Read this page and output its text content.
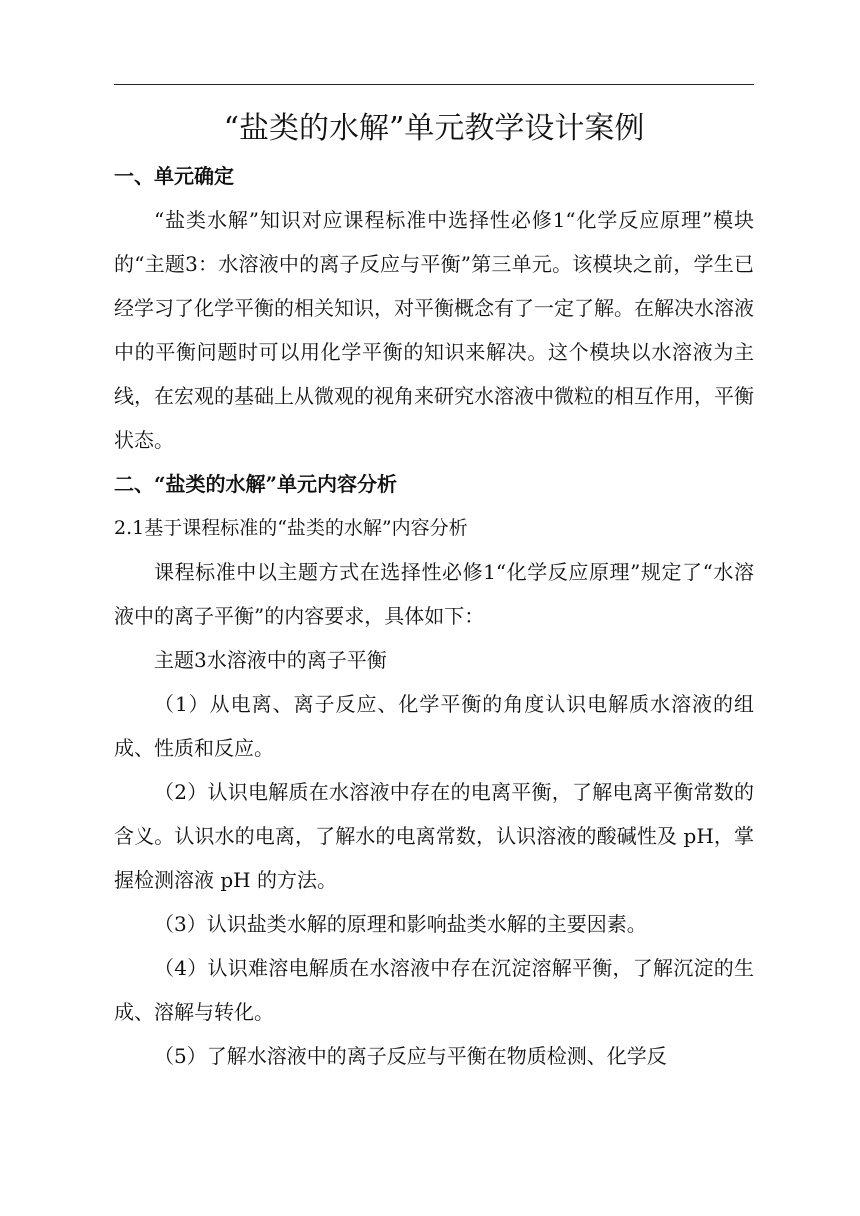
“盐类的水解”单元教学设计案例
一、单元确定

“盐类水解”知识对应课程标准中选择性必修1“化学反应原理”模块的“主题3：水溶液中的离子反应与平衡”第三单元。该模块之前，学生已经学习了化学平衡的相关知识，对平衡概念有了一定了解。在解决水溶液中的平衡问题时可以用化学平衡的知识来解决。这个模块以水溶液为主线，在宏观的基础上从微观的视角来研究水溶液中微粒的相互作用，平衡状态。

二、“盐类的水解”单元内容分析
2.1基于课程标准的“盐类的水解”内容分析

课程标准中以主题方式在选择性必修1“化学反应原理”规定了“水溶液中的离子平衡”的内容要求，具体如下：

主题3水溶液中的离子平衡

（1）从电离、离子反应、化学平衡的角度认识电解质水溶液的组成、性质和反应。

（2）认识电解质在水溶液中存在的电离平衡，了解电离平衡常数的含义。认识水的电离，了解水的电离常数，认识溶液的酸碱性及 pH，掌握检测溶液 pH 的方法。

（3）认识盐类水解的原理和影响盐类水解的主要因素。

（4）认识难溶电解质在水溶液中存在沉淀溶解平衡，了解沉淀的生成、溶解与转化。

（5）了解水溶液中的离子反应与平衡在物质检测、化学反
